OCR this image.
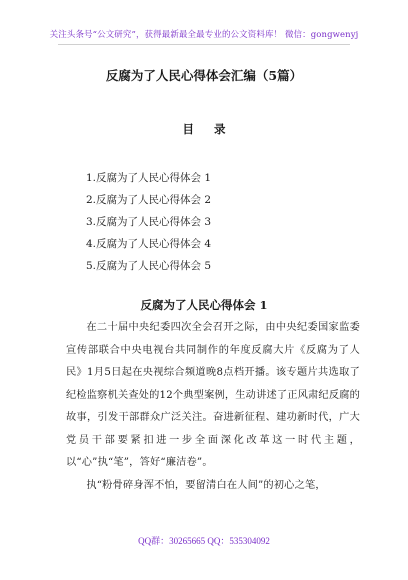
关注头条号“公文研究”，获得最新最全最专业的公文资料库！ 微信：gongwenyj
反腐为了人民心得体会汇编（5篇）
目 录
1.反腐为了人民心得体会 1
2.反腐为了人民心得体会 2
3.反腐为了人民心得体会 3
4.反腐为了人民心得体会 4
5.反腐为了人民心得体会 5
反腐为了人民心得体会 1

在二十届中央纪委四次全会召开之际，由中央纪委国家监委宣传部联合中央电视台共同制作的年度反腐大片《反腐为了人民》1月5日起在央视综合频道晚8点档开播。该专题片共选取了纪检监察机关查处的12个典型案例，生动讲述了正风肃纪反腐的故事，引发干部群众广泛关注。奋进新征程、建功新时代，广大党员干部要紧扣进一步全面深化改革这一时代主题，以“心”执“笔”，答好“廉洁卷”。

执“粉骨碎身浑不怕，要留清白在人间”的初心之笔，

QQ群：30265665 QQ：535304092
